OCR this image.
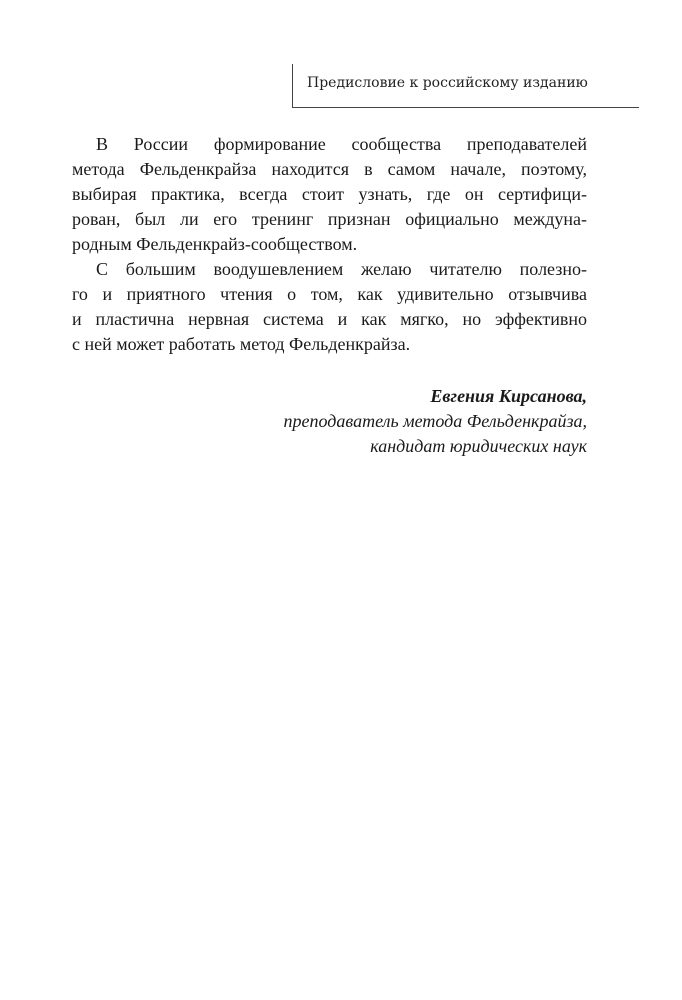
Предисловие к российскому изданию
В России формирование сообщества преподавателей
метода Фельденкрайза находится в самом начале, поэтому,
выбирая практика, всегда стоит узнать, где он сертифици-
рован, был ли его тренинг признан официально междуна-
родным Фельденкрайз-сообществом.
С большим воодушевлением желаю читателю полезно-
го и приятного чтения о том, как удивительно отзывчива
и пластична нервная система и как мягко, но эффективно
с ней может работать метод Фельденкрайза.
Евгения Кирсанова,
преподаватель метода Фельденкрайза,
кандидат юридических наук
